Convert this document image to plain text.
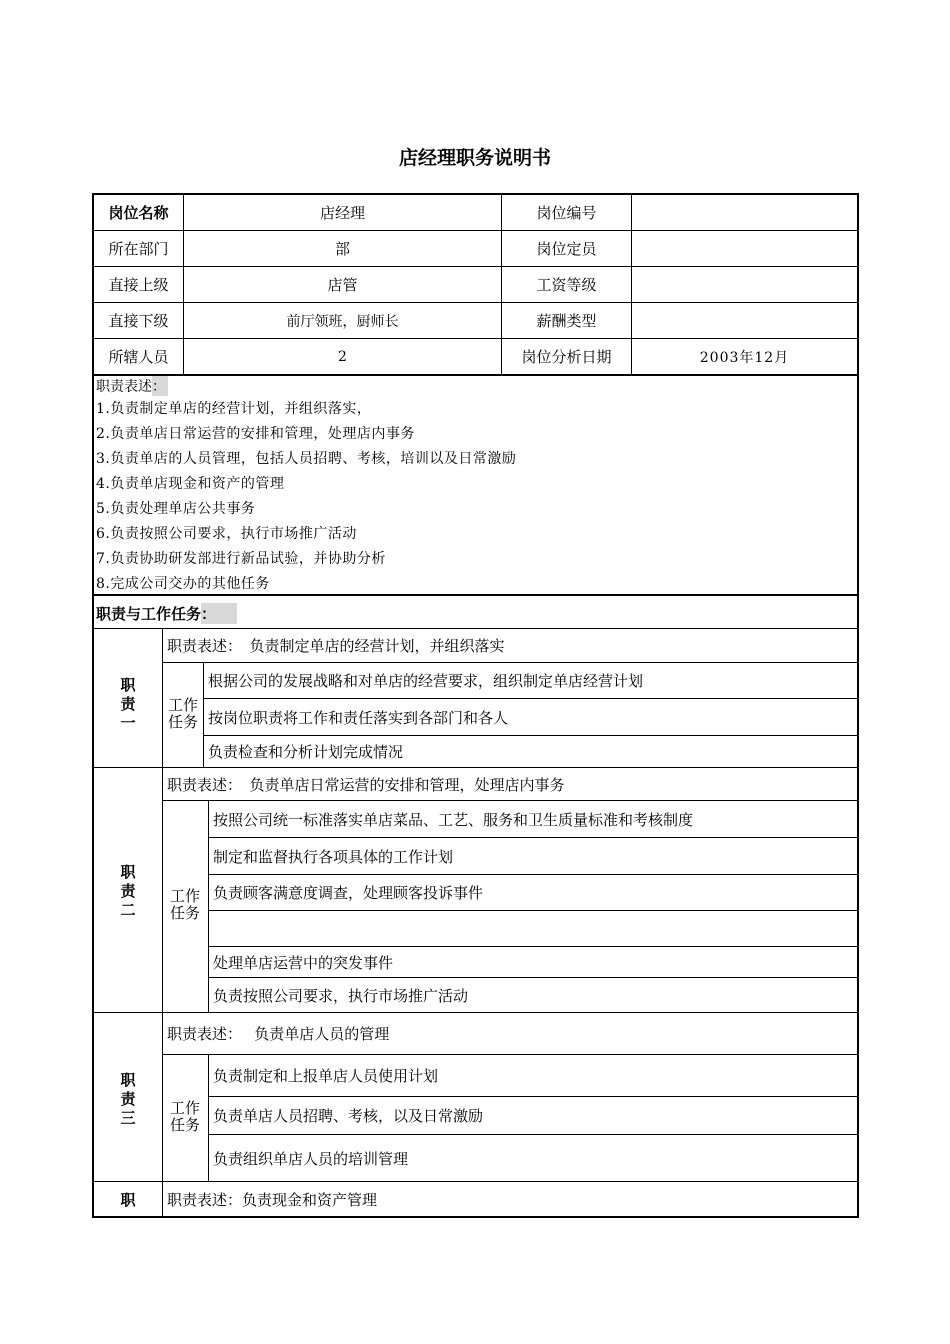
店经理职务说明书
岗位名称	店经理	岗位编号
所在部门	部	岗位定员
直接上级	店管	工资等级
直接下级	前厅领班，厨师长	薪酬类型
所辖人员	2	岗位分析日期	2003年12月
职责表述：
1.负责制定单店的经营计划，并组织落实，
2.负责单店日常运营的安排和管理，处理店内事务
3.负责单店的人员管理，包括人员招聘、考核，培训以及日常激励
4.负责单店现金和资产的管理
5.负责处理单店公共事务
6.负责按照公司要求，执行市场推广活动
7.负责协助研发部进行新品试验，并协助分析
8.完成公司交办的其他任务
职责与工作任务：
职责一
职责表述：　负责制定单店的经营计划，并组织落实
工作任务
根据公司的发展战略和对单店的经营要求，组织制定单店经营计划
按岗位职责将工作和责任落实到各部门和各人
负责检查和分析计划完成情况
职责二
职责表述：　负责单店日常运营的安排和管理，处理店内事务
工作任务
按照公司统一标准落实单店菜品、工艺、服务和卫生质量标准和考核制度
制定和监督执行各项具体的工作计划
负责顾客满意度调查，处理顾客投诉事件
处理单店运营中的突发事件
负责按照公司要求，执行市场推广活动
职责三
职责表述：　 负责单店人员的管理
工作任务
负责制定和上报单店人员使用计划
负责单店人员招聘、考核，以及日常激励
负责组织单店人员的培训管理
职	职责表述：负责现金和资产管理
